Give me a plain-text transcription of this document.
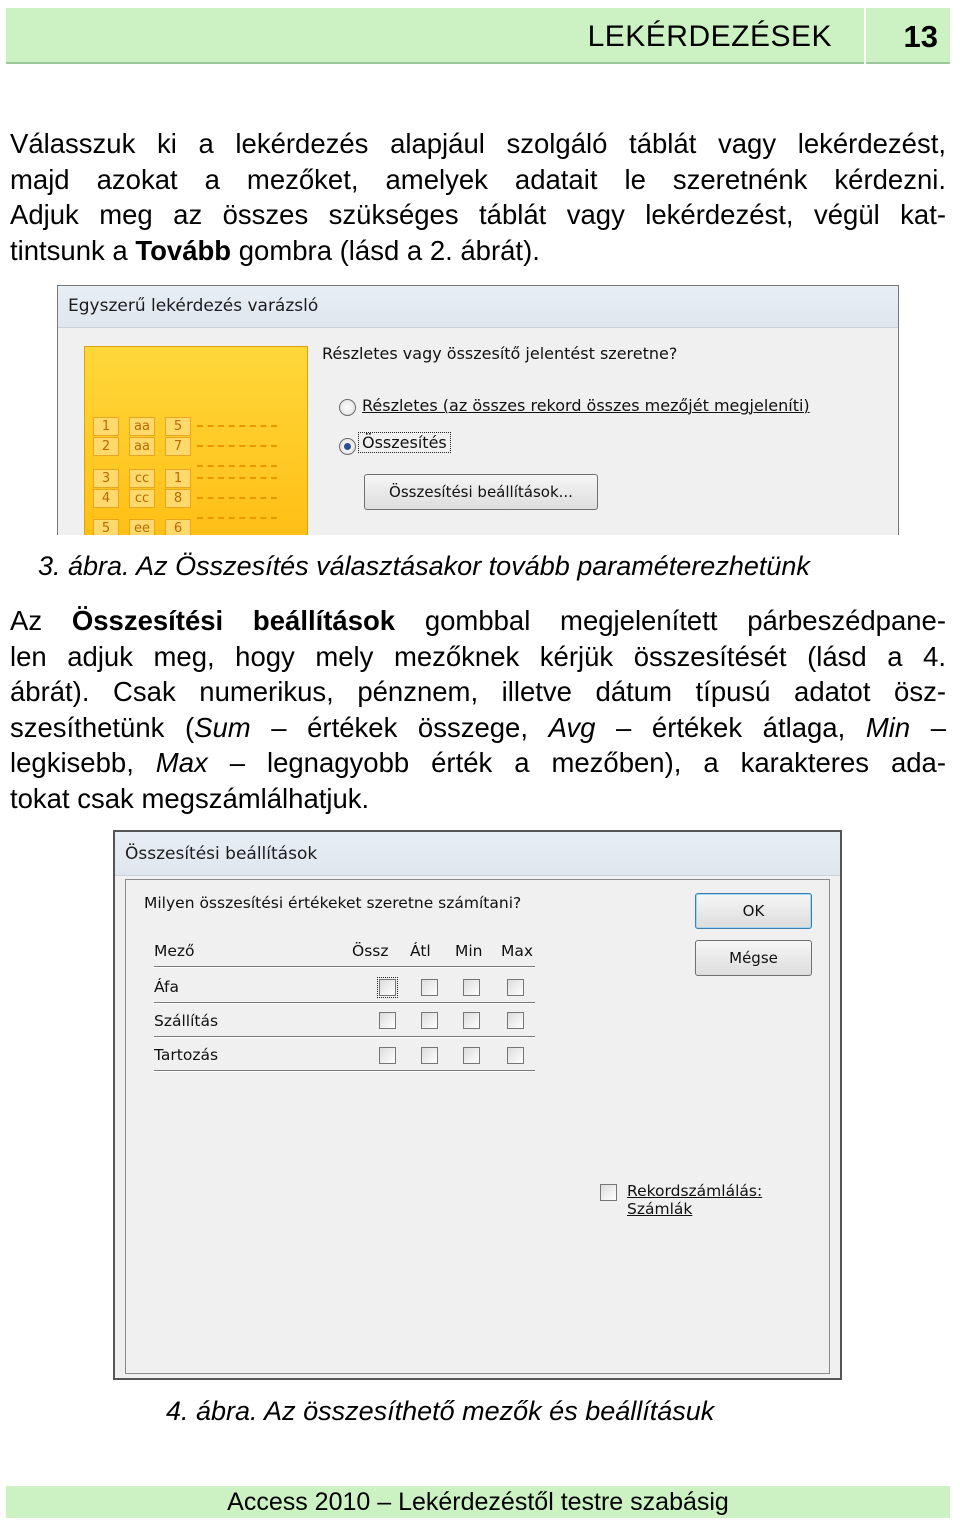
LEKÉRDEZÉSEK 13
Válasszuk ki a lekérdezés alapjául szolgáló táblát vagy lekérdezést,
majd azokat a mezőket, amelyek adatait le szeretnénk kérdezni.
Adjuk meg az összes szükséges táblát vagy lekérdezést, végül kat-
tintsunk a Tovább gombra (lásd a 2. ábrát).
Egyszerű lekérdezés varázsló
1	aa	5
2	aa	7
3	cc	1
4	cc	8
5	ee	6
Részletes vagy összesítő jelentést szeretne?
Részletes (az összes rekord összes mezőjét megjeleníti)
Összesítés
Összesítési beállítások...
3. ábra. Az Összesítés választásakor tovább paraméterezhetünk
Az Összesítési beállítások gombbal megjelenített párbeszédpane-
len adjuk meg, hogy mely mezőknek kérjük összesítését (lásd a 4.
ábrát). Csak numerikus, pénznem, illetve dátum típusú adatot ösz-
szesíthetünk (Sum – értékek összege, Avg – értékek átlaga, Min –
legkisebb, Max – legnagyobb érték a mezőben), a karakteres ada-
tokat csak megszámlálhatjuk.
Összesítési beállítások
Milyen összesítési értékeket szeretne számítani?
Mező	Össz Átl Min Max
Áfa
Szállítás
Tartozás
OK
Mégse
Rekordszámlálás: Számlák
4. ábra. Az összesíthető mezők és beállításuk
Access 2010 – Lekérdezéstől testre szabásig
